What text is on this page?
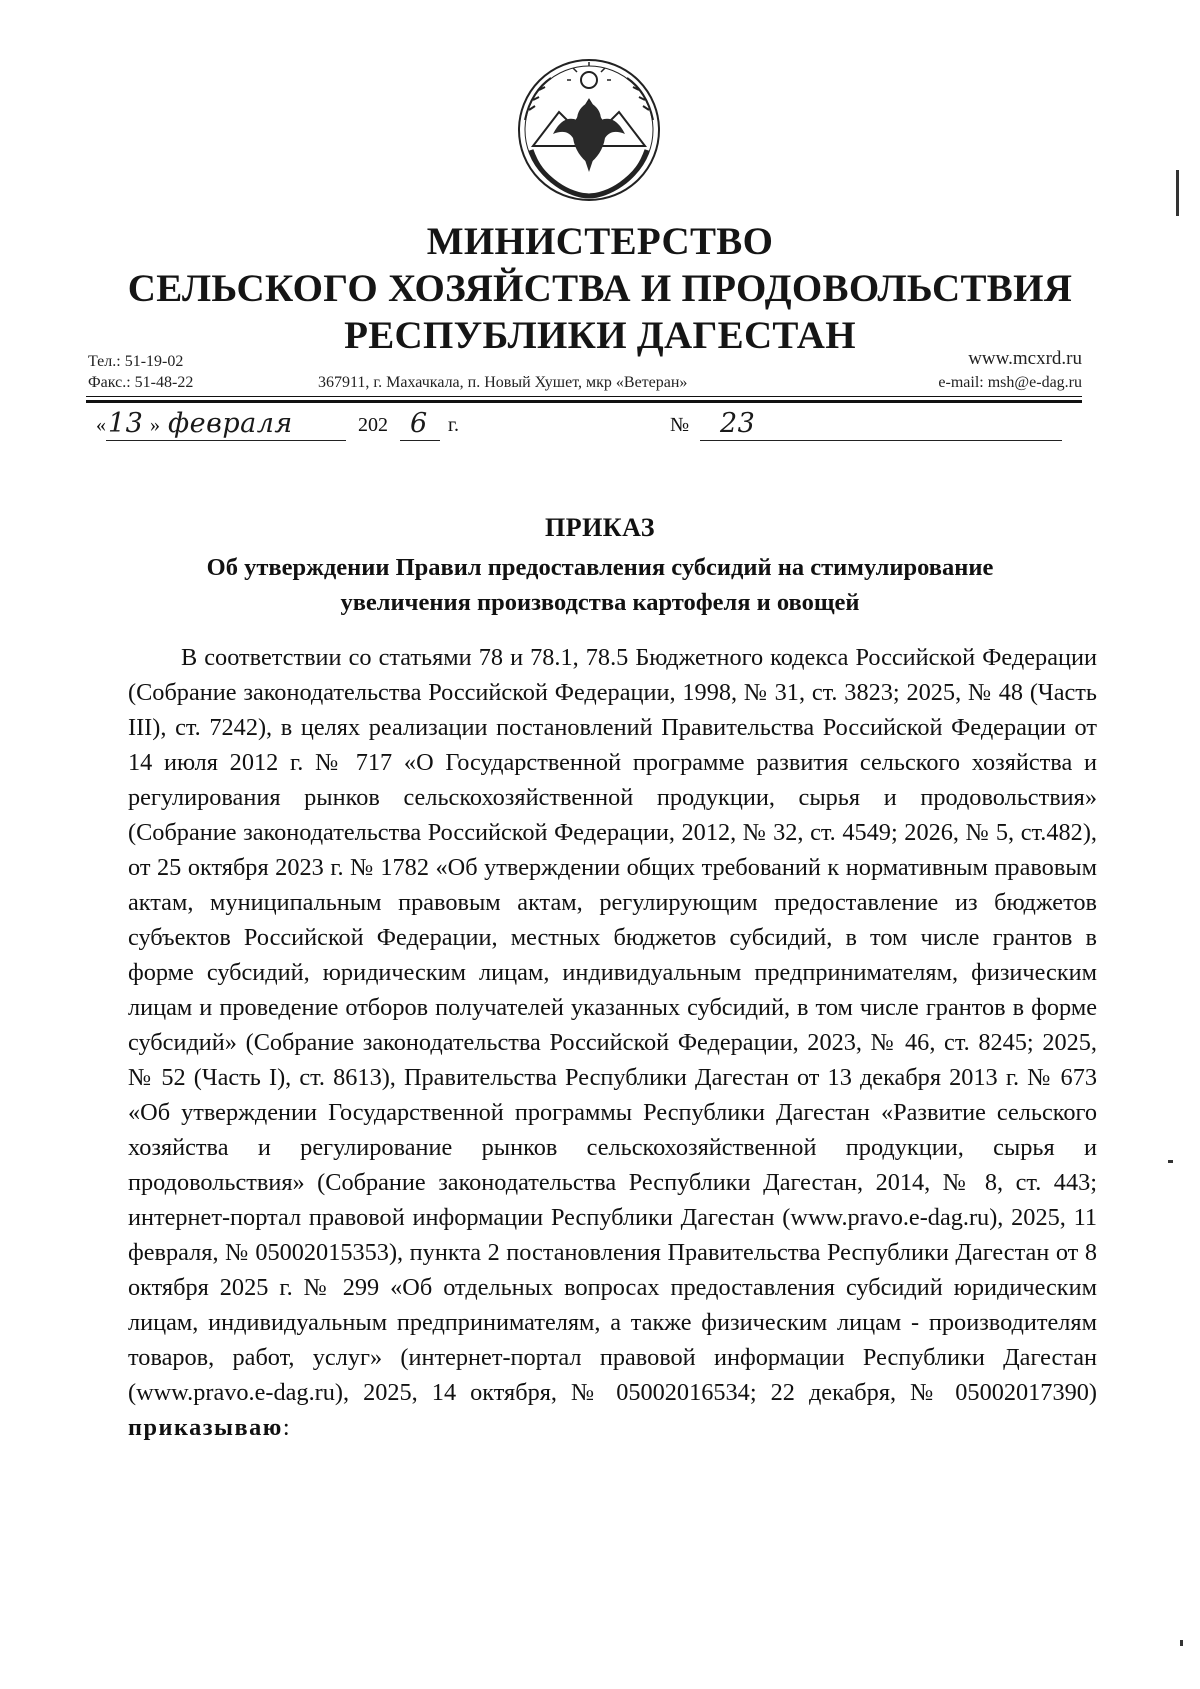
МИНИСТЕРСТВО
СЕЛЬСКОГО ХОЗЯЙСТВА И ПРОДОВОЛЬСТВИЯ
РЕСПУБЛИКИ ДАГЕСТАН
Тел.: 51-19-02
Факс.: 51-48-22	367911, г. Махачкала, п. Новый Хушет, мкр «Ветеран»
www.mcxrd.ru
e-mail: msh@e-dag.ru
« 13 » февраля	202 6 г.	№ 23
ПРИКАЗ
Об утверждении Правил предоставления субсидий на стимулирование
увеличения производства картофеля и овощей
В соответствии со статьями 78 и 78.1, 78.5 Бюджетного кодекса Российской Федерации (Собрание законодательства Российской Федерации, 1998, № 31, ст. 3823; 2025, № 48 (Часть III), ст. 7242), в целях реализации постановлений Правительства Российской Федерации от 14 июля 2012 г. № 717 «О Государственной программе развития сельского хозяйства и регулирования рынков сельскохозяйственной продукции, сырья и продовольствия» (Собрание законодательства Российской Федерации, 2012, № 32, ст. 4549; 2026, № 5, ст.482), от 25 октября 2023 г. № 1782 «Об утверждении общих требований к нормативным правовым актам, муниципальным правовым актам, регулирующим предоставление из бюджетов субъектов Российской Федерации, местных бюджетов субсидий, в том числе грантов в форме субсидий, юридическим лицам, индивидуальным предпринимателям, физическим лицам и проведение отборов получателей указанных субсидий, в том числе грантов в форме субсидий» (Собрание законодательства Российской Федерации, 2023, № 46, ст. 8245; 2025, № 52 (Часть I), ст. 8613), Правительства Республики Дагестан от 13 декабря 2013 г. № 673 «Об утверждении Государственной программы Республики Дагестан «Развитие сельского хозяйства и регулирование рынков сельскохозяйственной продукции, сырья и продовольствия» (Собрание законодательства Республики Дагестан, 2014, № 8, ст. 443; интернет-портал правовой информации Республики Дагестан (www.pravo.e-dag.ru), 2025, 11 февраля, № 05002015353), пункта 2 постановления Правительства Республики Дагестан от 8 октября 2025 г. № 299 «Об отдельных вопросах предоставления субсидий юридическим лицам, индивидуальным предпринимателям, а также физическим лицам - производителям товаров, работ, услуг» (интернет-портал правовой информации Республики Дагестан (www.pravo.e-dag.ru), 2025, 14 октября, № 05002016534; 22 декабря, № 05002017390) приказываю:
